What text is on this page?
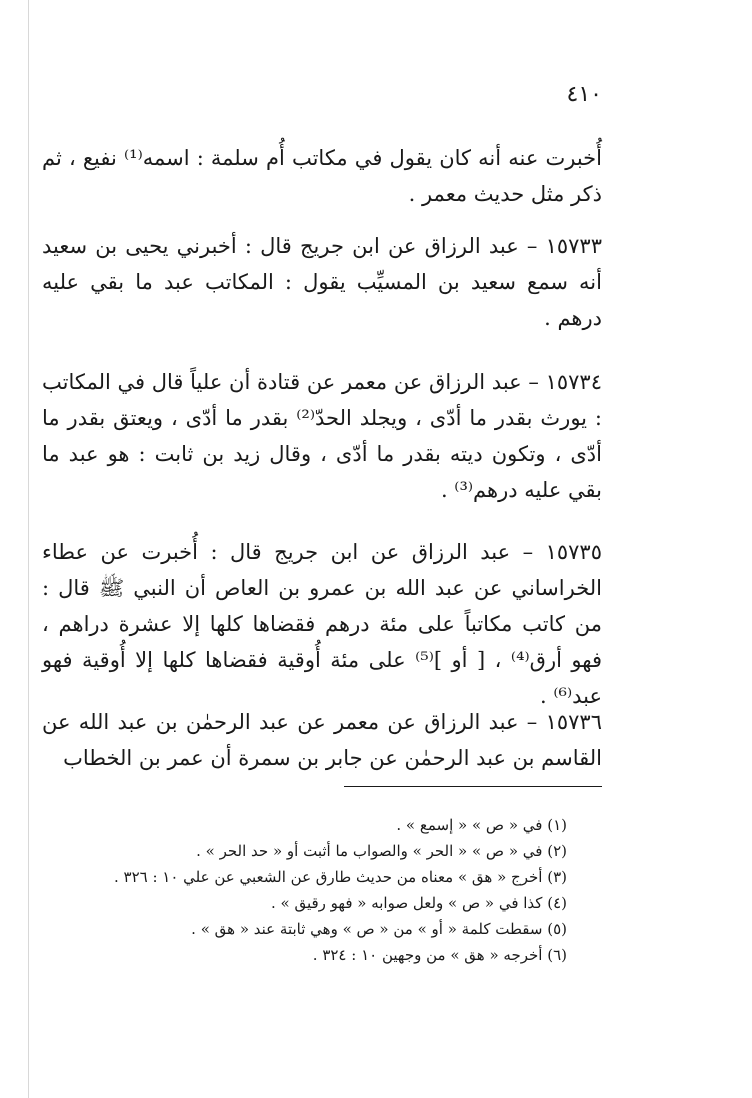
٤١٠

أُخبرت عنه أنه كان يقول في مكاتب أُم سلمة : اسمه⁽¹⁾ نفيع ، ثم ذكر مثل حديث معمر .

١٥٧٣٣ – عبد الرزاق عن ابن جريج قال : أخبرني يحيى بن سعيد أنه سمع سعيد بن المسيِّب يقول : المكاتب عبد ما بقي عليه درهم .

١٥٧٣٤ – عبد الرزاق عن معمر عن قتادة أن علياً قال في المكاتب : يورث بقدر ما أدّى ، ويجلد الحدّ⁽²⁾ بقدر ما أدّى ، ويعتق بقدر ما أدّى ، وتكون ديته بقدر ما أدّى ، وقال زيد بن ثابت : هو عبد ما بقي عليه درهم⁽³⁾ .

١٥٧٣٥ – عبد الرزاق عن ابن جريج قال : أُخبرت عن عطاء الخراساني عن عبد الله بن عمرو بن العاص أن النبي ﷺ قال : من كاتب مكاتباً على مئة درهم فقضاها كلها إلا عشرة دراهم ، فهو أرق⁽⁴⁾ ، [ أو ]⁽⁵⁾ على مئة أُوقية فقضاها كلها إلا أُوقية فهو عبد⁽⁶⁾ .

١٥٧٣٦ – عبد الرزاق عن معمر عن عبد الرحمٰن بن عبد الله عن القاسم بن عبد الرحمٰن عن جابر بن سمرة أن عمر بن الخطاب

(١) في « ص » « إسمع » .
(٢) في « ص » « الحر » والصواب ما أثبت أو « حد الحر » .
(٣) أخرج « هق » معناه من حديث طارق عن الشعبي عن علي ١٠ : ٣٢٦ .
(٤) كذا في « ص » ولعل صوابه « فهو رقيق » .
(٥) سقطت كلمة « أو » من « ص » وهي ثابتة عند « هق » .
(٦) أخرجه « هق » من وجهين ١٠ : ٣٢٤ .
